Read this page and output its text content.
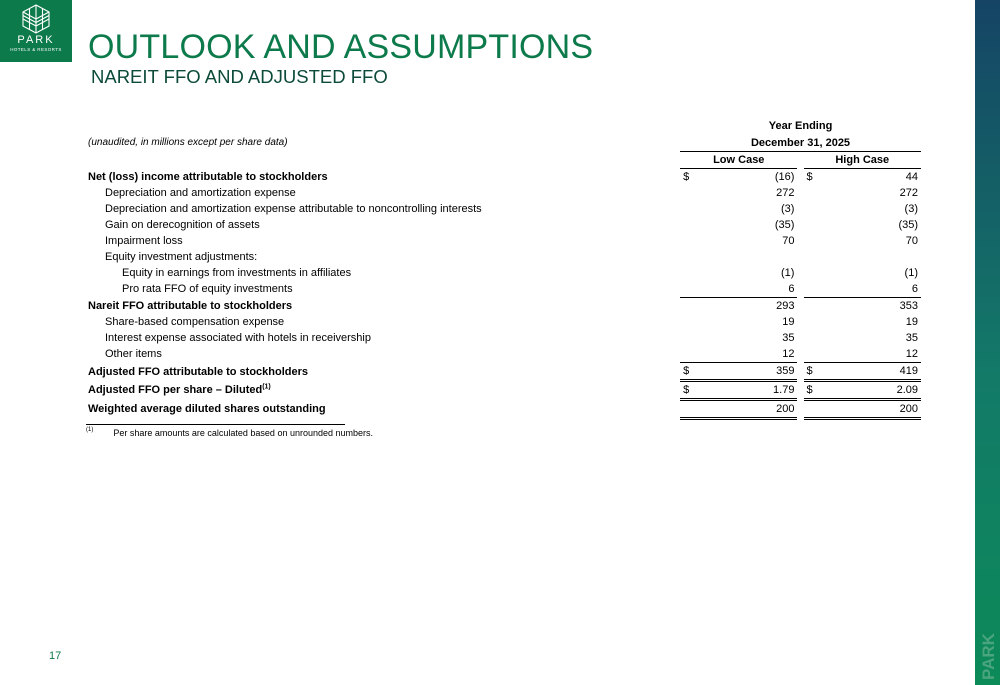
PARK
HOTELS & RESORTS OUTLOOK AND ASSUMPTIONS
NAREIT FFO AND ADJUSTED FFO
		Year Ending				
(unaudited, in millions except per share data)		December 31, 2025				
		Low Case			High Case	
Net (loss) income attributable to stockholders		$	(16)		$	44
Depreciation and amortization expense			272			272
Depreciation and amortization expense attributable to noncontrolling interests			(3)			(3)
Gain on derecognition of assets			(35)			(35)
Impairment loss			70			70
Equity investment adjustments:						
Equity in earnings from investments in affiliates			(1)			(1)
Pro rata FFO of equity investments			6			6
Nareit FFO attributable to stockholders			293			353
Share-based compensation expense			19			19
Interest expense associated with hotels in receivership			35			35
Other items			12			12
Adjusted FFO attributable to stockholders		$	359		$	419
Adjusted FFO per share – Diluted$^{(1)}$		$	1.79		$	2.09
Weighted average diluted shares outstanding			200			200
$^{(1)}$ Per share amounts are calculated based on unrounded numbers.
17	PARK
